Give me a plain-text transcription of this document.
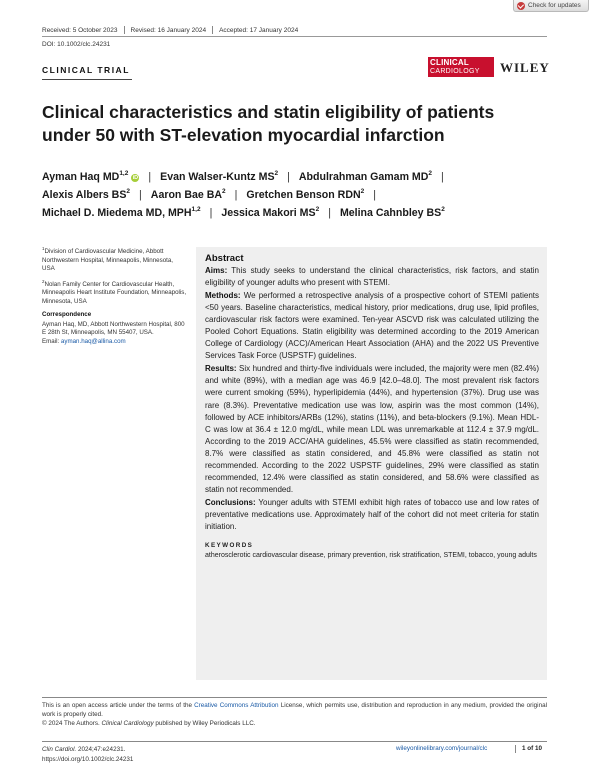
Check for updates
Received: 5 October 2023 Revised: 16 January 2024 Accepted: 17 January 2024
DOI: 10.1002/clc.24231
CLINICAL TRIAL
CLINICAL
CARDIOLOGY	WILEY
Clinical characteristics and statin eligibility of patients under 50 with ST-elevation myocardial infarction
Ayman Haq MD$^{1,2}$iD | Evan Walser-Kuntz $MS^2$ | Abdulrahman Gamam $MD^2$ |
Alexis Albers $BS^2$ | Aaron Bae $BA^2$ | Gretchen Benson RDN$^2$ |
Michael D. Miedema MD, MPH$^{1,2}$ | Jessica Makori $MS^2$ | Melina Cahnbley $BS^2$

$^1$Division of Cardiovascular Medicine, Abbott Northwestern Hospital, Minneapolis, Minnesota, USA

$^2$Nolan Family Center for Cardiovascular Health, Minneapolis Heart Institute Foundation, Minneapolis, Minnesota, USA

Correspondence

Ayman Haq, MD, Abbott Northwestern Hospital, 800 E 28th St, Minneapolis, MN 55407, USA.
Email: ayman.haq@allina.com
Abstract

Aims: This study seeks to understand the clinical characteristics, risk factors, and statin eligibility of younger adults who present with STEMI.

Methods: We performed a retrospective analysis of a prospective cohort of STEMI patients <50 years. Baseline characteristics, medical history, prior medications, drug use, lipid profiles, cardiovascular risk factors were examined. Ten-year ASCVD risk was calculated utilizing the Pooled Cohort Equations. Statin eligibility was determined according to the 2019 American College of Cardiology (ACC)/American Heart Association (AHA) and the 2022 US Preventive Services Task Force (USPSTF) guidelines.

Results: Six hundred and thirty-five individuals were included, the majority were men (82.4%) and white (89%), with a median age was 46.9 [42.0–48.0]. The most prevalent risk factors were current smoking (59%), hyperlipidemia (44%), and hypertension (37%). Drug use was rare (8.3%). Preventative medication use was low, aspirin was the most common (14%), followed by ACE inhibitors/ARBs (12%), statins (11%), and beta-blockers (9.1%). Mean HDL-C was low at 36.4 ± 12.0 mg/dL, while mean LDL was unremarkable at 112.4 ± 37.9 mg/dL. According to the 2019 ACC/AHA guidelines, 45.5% were classified as statin recommended, 8.7% were classified as statin considered, and 45.8% were classified as statin not recommended. According to the 2022 USPSTF guidelines, 29% were classified as statin recommended, 12.4% were classified as statin considered, and 58.6% were classified as statin not recommended.

Conclusions: Younger adults with STEMI exhibit high rates of tobacco use and low rates of preventative medications use. Approximately half of the cohort did not meet criteria for statin initiation.

KEYWORDS
atherosclerotic cardiovascular disease, primary prevention, risk stratification, STEMI, tobacco, young adults
This is an open access article under the terms of the Creative Commons Attribution License, which permits use, distribution and reproduction in any medium, provided the original work is properly cited.
© 2024 The Authors. Clinical Cardiology published by Wiley Periodicals LLC.
Clin Cardiol. 2024;47:e24231.
https://doi.org/10.1002/clc.24231
wileyonlinelibrary.com/journal/clc	1 of 10
